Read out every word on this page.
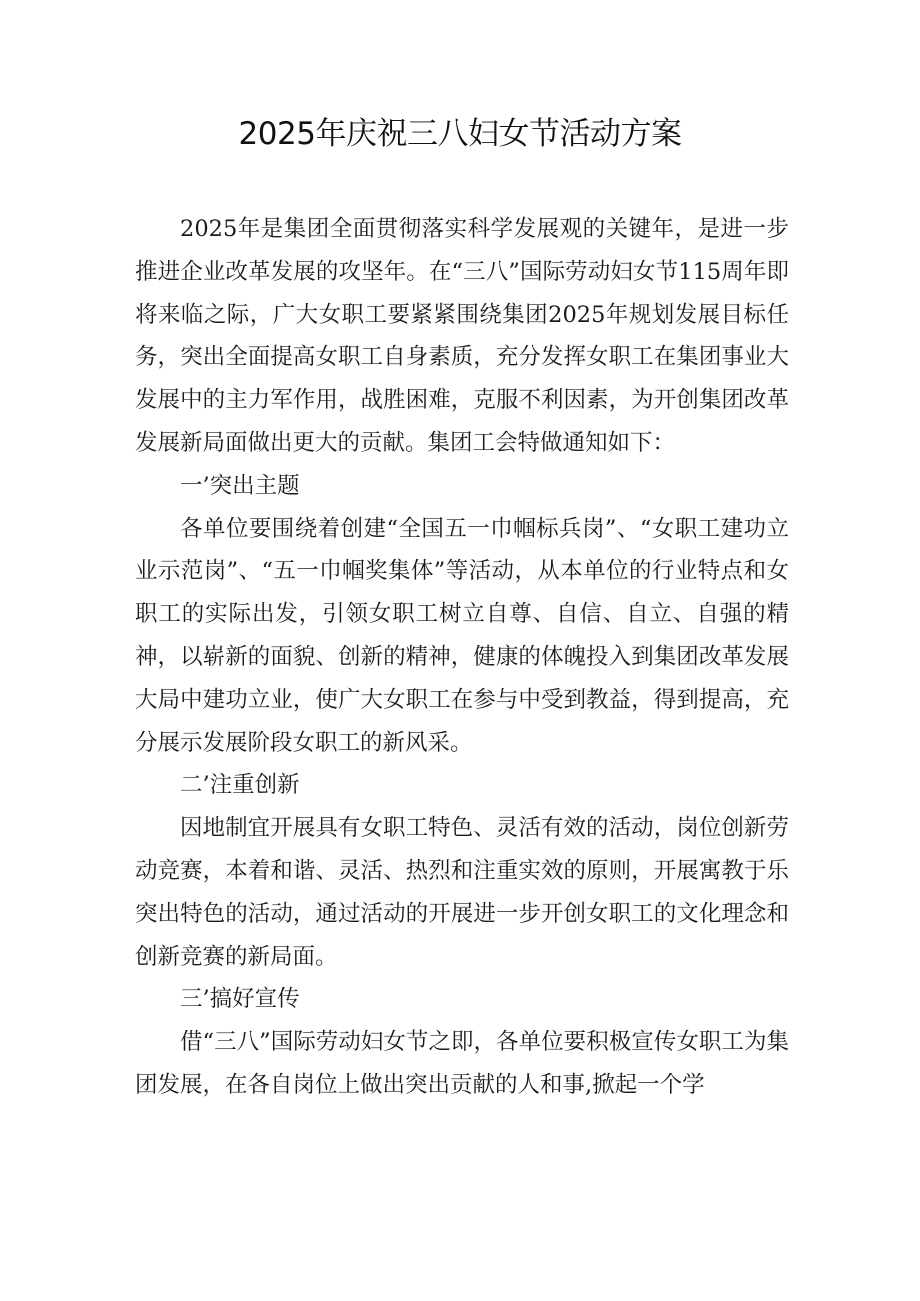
2025年庆祝三八妇女节活动方案

2025年是集团全面贯彻落实科学发展观的关键年，是进一步推进企业改革发展的攻坚年。在“三八”国际劳动妇女节115周年即将来临之际，广大女职工要紧紧围绕集团2025年规划发展目标任务，突出全面提高女职工自身素质，充分发挥女职工在集团事业大发展中的主力军作用，战胜困难，克服不利因素，为开创集团改革发展新局面做出更大的贡献。集团工会特做通知如下：

一’突出主题

各单位要围绕着创建“全国五一巾帼标兵岗”、“女职工建功立业示范岗”、“五一巾帼奖集体”等活动，从本单位的行业特点和女职工的实际出发，引领女职工树立自尊、自信、自立、自强的精神，以崭新的面貌、创新的精神，健康的体魄投入到集团改革发展大局中建功立业，使广大女职工在参与中受到教益，得到提高，充分展示发展阶段女职工的新风采。

二’注重创新

因地制宜开展具有女职工特色、灵活有效的活动，岗位创新劳动竞赛，本着和谐、灵活、热烈和注重实效的原则，开展寓教于乐突出特色的活动，通过活动的开展进一步开创女职工的文化理念和创新竞赛的新局面。

三’搞好宣传

借“三八”国际劳动妇女节之即，各单位要积极宣传女职工为集团发展，在各自岗位上做出突出贡献的人和事,掀起一个学
